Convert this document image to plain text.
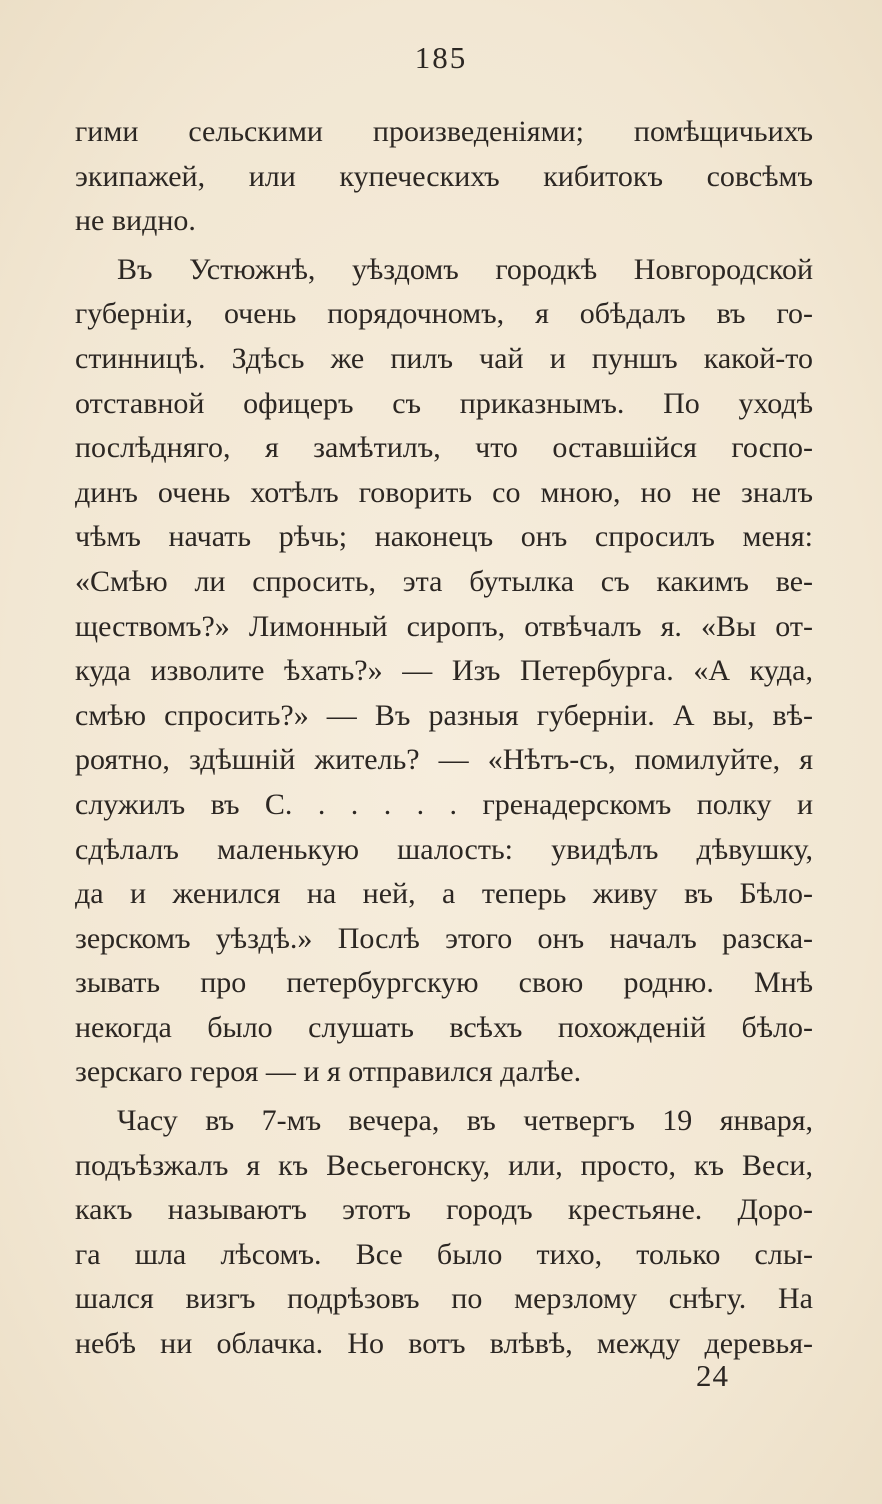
185
гими сельскими произведеніями; помѣщичьихъ
экипажей, или купеческихъ кибитокъ совсѣмъ
не видно.
Въ Устюжнѣ, уѣздомъ городкѣ Новгородской
губерніи, очень порядочномъ, я обѣдалъ въ го-
стинницѣ. Здѣсь же пилъ чай и пуншъ какой-то
отставной офицеръ съ приказнымъ. По уходѣ
послѣдняго, я замѣтилъ, что оставшійся госпо-
динъ очень хотѣлъ говорить со мною, но не зналъ
чѣмъ начать рѣчь; наконецъ онъ спросилъ меня:
«Смѣю ли спросить, эта бутылка съ какимъ ве-
ществомъ?» Лимонный сиропъ, отвѣчалъ я. «Вы от-
куда изволите ѣхать?» — Изъ Петербурга. «А куда,
смѣю спросить?» — Въ разныя губерніи. А вы, вѣ-
роятно, здѣшній житель? — «Нѣтъ-съ, помилуйте, я
служилъ въ С. . . . . . гренадерскомъ полку и
сдѣлалъ маленькую шалость: увидѣлъ дѣвушку,
да и женился на ней, а теперь живу въ Бѣло-
зерскомъ уѣздѣ.» Послѣ этого онъ началъ разска-
зывать про петербургскую свою родню. Мнѣ
некогда было слушать всѣхъ похожденій бѣло-
зерскаго героя — и я отправился далѣе.
Часу въ 7-мъ вечера, въ четвергъ 19 января,
подъѣзжалъ я къ Весьегонску, или, просто, къ Веси,
какъ называютъ этотъ городъ крестьяне. Доро-
га шла лѣсомъ. Все было тихо, только слы-
шался визгъ подрѣзовъ по мерзлому снѣгу. На
небѣ ни облачка. Но вотъ влѣвѣ, между деревья-
24
